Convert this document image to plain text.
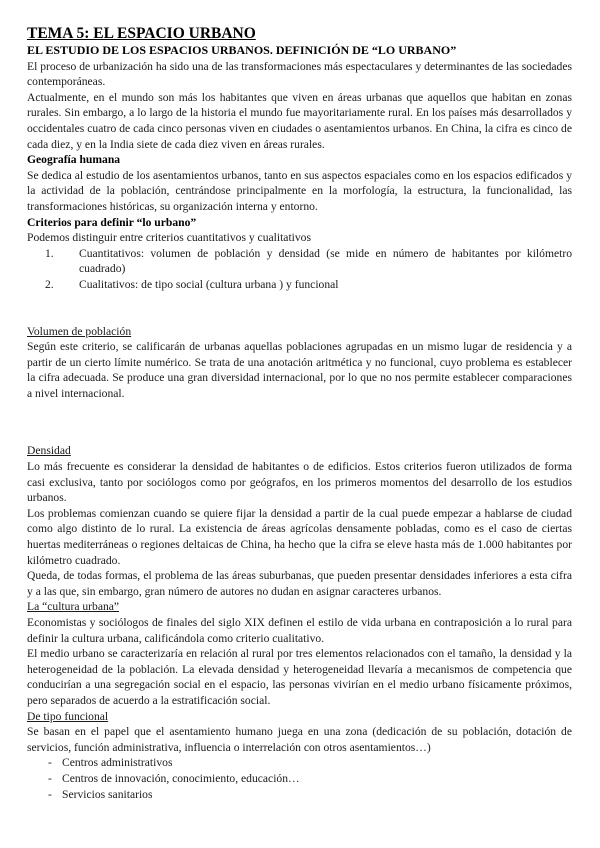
TEMA 5: EL ESPACIO URBANO
EL ESTUDIO DE LOS ESPACIOS URBANOS. DEFINICIÓN DE “LO URBANO”

El proceso de urbanización ha sido una de las transformaciones más espectaculares y determinantes de las sociedades contemporáneas.

Actualmente, en el mundo son más los habitantes que viven en áreas urbanas que aquellos que habitan en zonas rurales. Sin embargo, a lo largo de la historia el mundo fue mayoritariamente rural. En los países más desarrollados y occidentales cuatro de cada cinco personas viven en ciudades o asentamientos urbanos. En China, la cifra es cinco de cada diez, y en la India siete de cada diez viven en áreas rurales.

Geografía humana

Se dedica al estudio de los asentamientos urbanos, tanto en sus aspectos espaciales como en los espacios edificados y la actividad de la población, centrándose principalmente en la morfología, la estructura, la funcionalidad, las transformaciones históricas, su organización interna y entorno.

Criterios para definir “lo urbano”

Podemos distinguir entre criterios cuantitativos y cualitativos

1. Cuantitativos: volumen de población y densidad (se mide en número de habitantes por kilómetro cuadrado)
2. Cualitativos: de tipo social (cultura urbana ) y funcional

Volumen de población

Según este criterio, se calificarán de urbanas aquellas poblaciones agrupadas en un mismo lugar de residencia y a partir de un cierto límite numérico. Se trata de una anotación aritmética y no funcional, cuyo problema es establecer la cifra adecuada. Se produce una gran diversidad internacional, por lo que no nos permite establecer comparaciones a nivel internacional.

Densidad

Lo más frecuente es considerar la densidad de habitantes o de edificios. Estos criterios fueron utilizados de forma casi exclusiva, tanto por sociólogos como por geógrafos, en los primeros momentos del desarrollo de los estudios urbanos.

Los problemas comienzan cuando se quiere fijar la densidad a partir de la cual puede empezar a hablarse de ciudad como algo distinto de lo rural. La existencia de áreas agrícolas densamente pobladas, como es el caso de ciertas huertas mediterráneas o regiones deltaicas de China, ha hecho que la cifra se eleve hasta más de 1.000 habitantes por kilómetro cuadrado.

Queda, de todas formas, el problema de las áreas suburbanas, que pueden presentar densidades inferiores a esta cifra y a las que, sin embargo, gran número de autores no dudan en asignar caracteres urbanos.

La “cultura urbana”

Economistas y sociólogos de finales del siglo XIX definen el estilo de vida urbana en contraposición a lo rural para definir la cultura urbana, calificándola como criterio cualitativo.

El medio urbano se caracterizaría en relación al rural por tres elementos relacionados con el tamaño, la densidad y la heterogeneidad de la población. La elevada densidad y heterogeneidad llevaría a mecanismos de competencia que conducirían a una segregación social en el espacio, las personas vivirían en el medio urbano físicamente próximos, pero separados de acuerdo a la estratificación social.

De tipo funcional

Se basan en el papel que el asentamiento humano juega en una zona (dedicación de su población, dotación de servicios, función administrativa, influencia o interrelación con otros asentamientos…)

- Centros administrativos
- Centros de innovación, conocimiento, educación…
- Servicios sanitarios
